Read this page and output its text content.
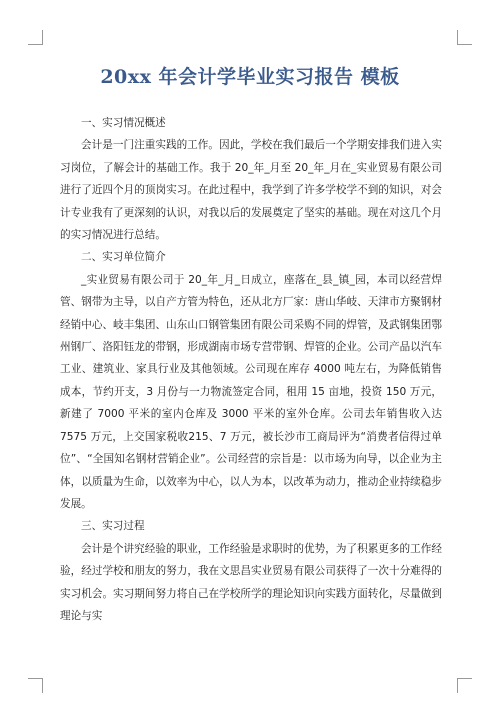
20xx 年会计学毕业实习报告 模板

一、实习情况概述

会计是一门注重实践的工作。因此，学校在我们最后一个学期安排我们进入实习岗位，了解会计的基础工作。我于 20_年_月至 20_年_月在_实业贸易有限公司进行了近四个月的顶岗实习。在此过程中，我学到了许多学校学不到的知识，对会计专业我有了更深刻的认识，对我以后的发展奠定了坚实的基础。现在对这几个月的实习情况进行总结。

二、实习单位简介

_实业贸易有限公司于 20_年_月_日成立，座落在_县_镇_园，本司以经营焊管、钢带为主导，以自产方管为特色，还从北方厂家：唐山华岐、天津市方聚钢材经销中心、岐丰集团、山东山口钢管集团有限公司采购不同的焊管，及武钢集团鄂州钢厂、洛阳钰龙的带钢，形成湖南市场专营带钢、焊管的企业。公司产品以汽车工业、建筑业、家具行业及其他领域。公司现在库存 4000 吨左右，为降低销售成本，节约开支，3 月份与一力物流签定合同，租用 15 亩地，投资 150 万元，新建了 7000 平米的室内仓库及 3000 平米的室外仓库。公司去年销售收入达 7575 万元，上交国家税收215、7 万元，被长沙市工商局评为“消费者信得过单位”、“全国知名钢材营销企业”。公司经营的宗旨是：以市场为向导，以企业为主体，以质量为生命，以效率为中心，以人为本，以改革为动力，推动企业持续稳步发展。

三、实习过程

会计是个讲究经验的职业，工作经验是求职时的优势，为了积累更多的工作经验，经过学校和朋友的努力，我在文思昌实业贸易有限公司获得了一次十分难得的实习机会。实习期间努力将自己在学校所学的理论知识向实践方面转化，尽量做到理论与实
